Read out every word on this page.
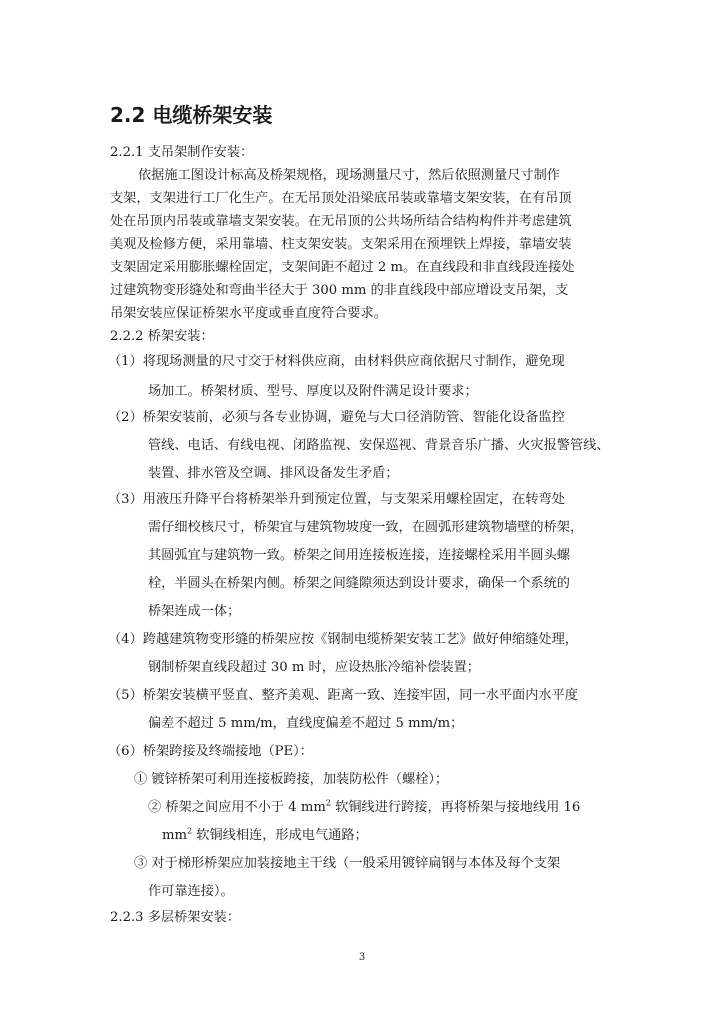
2.2 电缆桥架安装
2.2.1 支吊架制作安装：
依据施工图设计标高及桥架规格，现场测量尺寸，然后依照测量尺寸制作
支架，支架进行工厂化生产。在无吊顶处沿梁底吊装或靠墙支架安装，在有吊顶
处在吊顶内吊装或靠墙支架安装。在无吊顶的公共场所结合结构构件并考虑建筑
美观及检修方便，采用靠墙、柱支架安装。支架采用在预埋铁上焊接，靠墙安装
支架固定采用膨胀螺栓固定，支架间距不超过 2 m。在直线段和非直线段连接处
过建筑物变形缝处和弯曲半径大于 300 mm 的非直线段中部应增设支吊架，支
吊架安装应保证桥架水平度或垂直度符合要求。
2.2.2 桥架安装：
（1）将现场测量的尺寸交于材料供应商，由材料供应商依据尺寸制作，避免现
场加工。桥架材质、型号、厚度以及附件满足设计要求；
（2）桥架安装前，必须与各专业协调，避免与大口径消防管、智能化设备监控
管线、电话、有线电视、闭路监视、安保巡视、背景音乐广播、火灾报警管线、
装置、排水管及空调、排风设备发生矛盾；
（3）用液压升降平台将桥架举升到预定位置，与支架采用螺栓固定，在转弯处
需仔细校核尺寸，桥架宜与建筑物坡度一致，在圆弧形建筑物墙壁的桥架，
其圆弧宜与建筑物一致。桥架之间用连接板连接，连接螺栓采用半圆头螺
栓，半圆头在桥架内侧。桥架之间缝隙须达到设计要求，确保一个系统的
桥架连成一体；
（4）跨越建筑物变形缝的桥架应按《钢制电缆桥架安装工艺》做好伸缩缝处理，
钢制桥架直线段超过 30 m 时，应设热胀冷缩补偿装置；
（5）桥架安装横平竖直、整齐美观、距离一致、连接牢固，同一水平面内水平度
偏差不超过 5 mm/m，直线度偏差不超过 5 mm/m；
（6）桥架跨接及终端接地（PE）：
① 镀锌桥架可利用连接板跨接，加装防松件（螺栓）；
② 桥架之间应用不小于 4 $mm^2$ 软铜线进行跨接，再将桥架与接地线用 16
$mm^2$ 软铜线相连，形成电气通路；
③ 对于梯形桥架应加装接地主干线（一般采用镀锌扁钢与本体及每个支架
作可靠连接）。
2.2.3 多层桥架安装：
3
